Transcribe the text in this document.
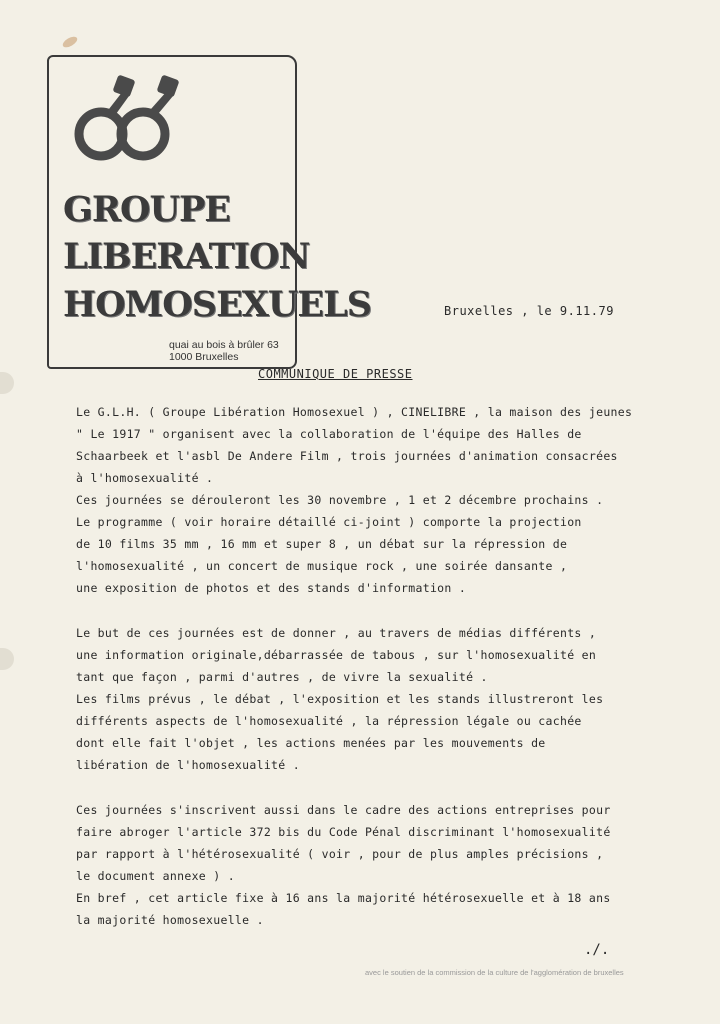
GROUPE

LIBERATION

HOMOSEXUELS

quai au bois à brûler 63
1000 Bruxelles
Bruxelles , le 9.11.79
COMMUNIQUE DE PRESSE

Le G.L.H. ( Groupe Libération Homosexuel ) , CINELIBRE , la maison des jeunes
" Le 1917 " organisent avec la collaboration de l'équipe des Halles de
Schaarbeek et l'asbl De Andere Film , trois journées d'animation consacrées
à l'homosexualité .
Ces journées se dérouleront les 30 novembre , 1 et 2 décembre prochains .
Le programme ( voir horaire détaillé ci-joint ) comporte la projection
de 10 films 35 mm , 16 mm et super 8 , un débat sur la répression de
l'homosexualité , un concert de musique rock , une soirée dansante ,
une exposition de photos et des stands d'information .

Le but de ces journées est de donner , au travers de médias différents ,
une information originale,débarrassée de tabous , sur l'homosexualité en
tant que façon , parmi d'autres , de vivre la sexualité .
Les films prévus , le débat , l'exposition et les stands illustreront les
différents aspects de l'homosexualité , la répression légale ou cachée
dont elle fait l'objet , les actions menées par les mouvements de
libération de l'homosexualité .

Ces journées s'inscrivent aussi dans le cadre des actions entreprises pour
faire abroger l'article 372 bis du Code Pénal discriminant l'homosexualité
par rapport à l'hétérosexualité ( voir , pour de plus amples précisions ,
le document annexe ) .
En bref , cet article fixe à 16 ans la majorité hétérosexuelle et à 18 ans
la majorité homosexuelle .

./.
avec le soutien de la commission de la culture de l'agglomération de bruxelles
